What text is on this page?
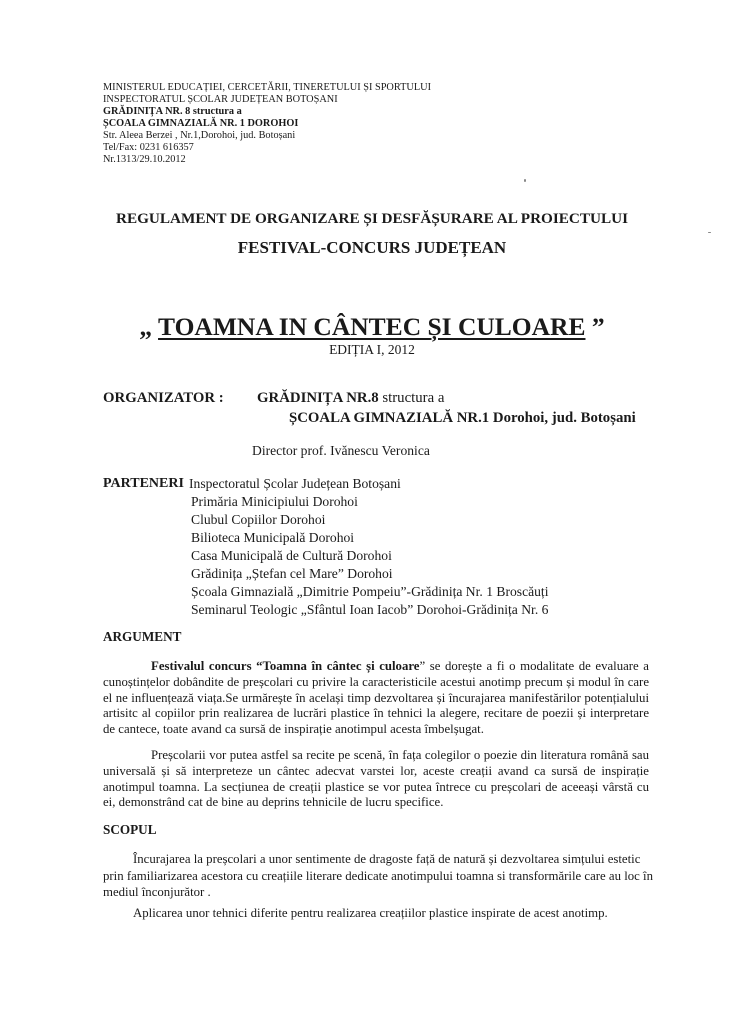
MINISTERUL EDUCAȚIEI, CERCETĂRII, TINERETULUI ȘI SPORTULUI
INSPECTORATUL ȘCOLAR JUDEȚEAN BOTOȘANI
GRĂDINIȚA NR. 8 structura a
ȘCOALA GIMNAZIALĂ NR. 1 DOROHOI
Str. Aleea Berzei , Nr.1,Dorohoi, jud. Botoșani
Tel/Fax: 0231 616357
Nr.1313/29.10.2012
REGULAMENT DE ORGANIZARE ȘI DESFĂȘURARE AL PROIECTULUI
FESTIVAL-CONCURS JUDEȚEAN
„ TOAMNA IN CÂNTEC ȘI CULOARE ”
EDIȚIA I, 2012
ORGANIZATOR : GRĂDINIȚA NR.8 structura a
ȘCOALA GIMNAZIALĂ NR.1 Dorohoi, jud. Botoșani
Director prof. Ivănescu Veronica
PARTENERI Inspectoratul Școlar Județean Botoșani
Primăria Minicipiului Dorohoi
Clubul Copiilor Dorohoi
Bilioteca Municipală Dorohoi
Casa Municipală de Cultură Dorohoi
Grădinița „Ștefan cel Mare” Dorohoi
Școala Gimnazială „Dimitrie Pompeiu”-Grădinița Nr. 1 Broscăuți
Seminarul Teologic „Sfântul Ioan Iacob” Dorohoi-Grădinița Nr. 6
ARGUMENT
Festivalul concurs “Toamna în cântec și culoare” se dorește a fi o modalitate de evaluare a cunoștințelor dobândite de preșcolari cu privire la caracteristicile acestui anotimp precum și modul în care el ne influențează viața.Se urmărește în același timp dezvoltarea și încurajarea manifestărilor potențialului artisitc al copiilor prin realizarea de lucrări plastice în tehnici la alegere, recitare de poezii și interpretare de cantece, toate avand ca sursă de inspirație anotimpul acesta îmbelșugat.
Preșcolarii vor putea astfel sa recite pe scenă, în fața colegilor o poezie din literatura română sau universală și să interpreteze un cântec adecvat varstei lor, aceste creații avand ca sursă de inspirație anotimpul toamna. La secțiunea de creații plastice se vor putea întrece cu preșcolari de aceeași vârstă cu ei, demonstrând cat de bine au deprins tehnicile de lucru specifice.
SCOPUL
Încurajarea la preșcolari a unor sentimente de dragoste față de natură și dezvoltarea simțului estetic prin familiarizarea acestora cu creațiile literare dedicate anotimpului toamna si transformările care au loc în mediul înconjurător .
Aplicarea unor tehnici diferite pentru realizarea creațiilor plastice inspirate de acest anotimp.
